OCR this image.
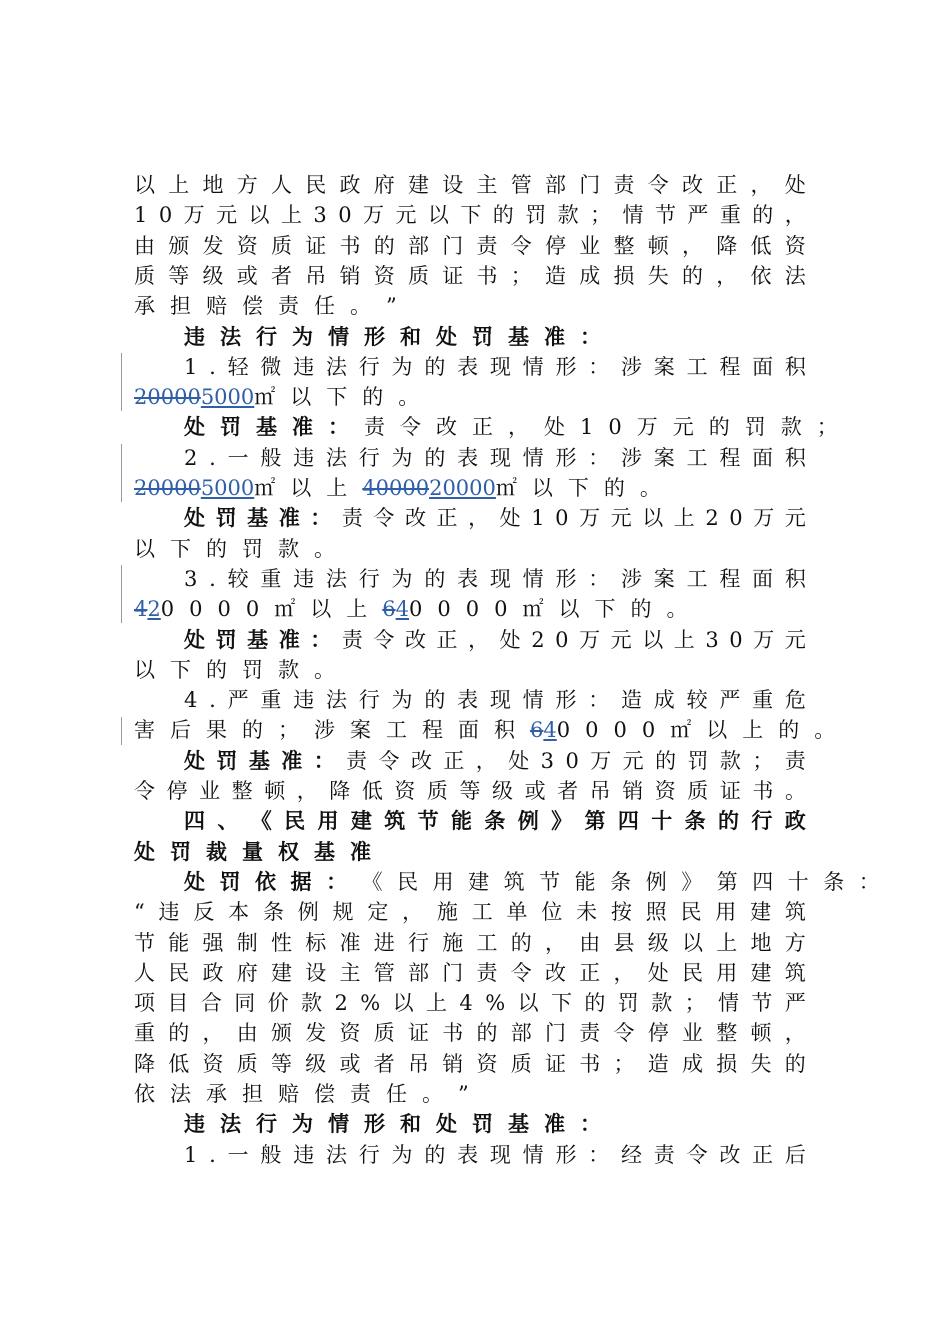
以 上 地 方 人 民 政 府 建 设 主 管 部 门 责 令 改 正 ， 处
1 0 万 元 以 上 3 0 万 元 以 下 的 罚 款 ； 情 节 严 重 的 ，
由 颁 发 资 质 证 书 的 部 门 责 令 停 业 整 顿 ， 降 低 资
质 等 级 或 者 吊 销 资 质 证 书 ； 造 成 损 失 的 ， 依 法
承 担 赔 偿 责 任 。 ”
违 法 行 为 情 形 和 处 罚 基 准 ：
1 . 轻 微 违 法 行 为 的 表 现 情 形 ： 涉 案 工 程 面 积
20000 5000 ㎡ 以 下 的 。
处 罚 基 准 ： 责 令 改 正 ， 处 1 0 万 元 的 罚 款 ；
2 . 一 般 违 法 行 为 的 表 现 情 形 ： 涉 案 工 程 面 积
20000 5000 ㎡ 以 上 40000 20000 ㎡ 以 下 的 。
处 罚 基 准 ： 责 令 改 正 ， 处 1 0 万 元 以 上 2 0 万 元
以 下 的 罚 款 。
3 . 较 重 违 法 行 为 的 表 现 情 形 ： 涉 案 工 程 面 积
4 2 0 0 0 0 ㎡ 以 上 6 4 0 0 0 0 ㎡ 以 下 的 。
处 罚 基 准 ： 责 令 改 正 ， 处 2 0 万 元 以 上 3 0 万 元
以 下 的 罚 款 。
4 . 严 重 违 法 行 为 的 表 现 情 形 ： 造 成 较 严 重 危
害 后 果 的 ； 涉 案 工 程 面 积 6 4 0 0 0 0 ㎡ 以 上 的 。
处 罚 基 准 ： 责 令 改 正 ， 处 3 0 万 元 的 罚 款 ； 责
令 停 业 整 顿 ， 降 低 资 质 等 级 或 者 吊 销 资 质 证 书 。
四 、 《 民 用 建 筑 节 能 条 例 》 第 四 十 条 的 行 政
处 罚 裁 量 权 基 准
处 罚 依 据 ： 《 民 用 建 筑 节 能 条 例 》 第 四 十 条 ：
“ 违 反 本 条 例 规 定 ， 施 工 单 位 未 按 照 民 用 建 筑
节 能 强 制 性 标 准 进 行 施 工 的 ， 由 县 级 以 上 地 方
人 民 政 府 建 设 主 管 部 门 责 令 改 正 ， 处 民 用 建 筑
项 目 合 同 价 款 2 % 以 上 4 % 以 下 的 罚 款 ； 情 节 严
重 的 ， 由 颁 发 资 质 证 书 的 部 门 责 令 停 业 整 顿 ，
降 低 资 质 等 级 或 者 吊 销 资 质 证 书 ； 造 成 损 失 的
依 法 承 担 赔 偿 责 任 。 ”
违 法 行 为 情 形 和 处 罚 基 准 ：
1 . 一 般 违 法 行 为 的 表 现 情 形 ： 经 责 令 改 正 后
